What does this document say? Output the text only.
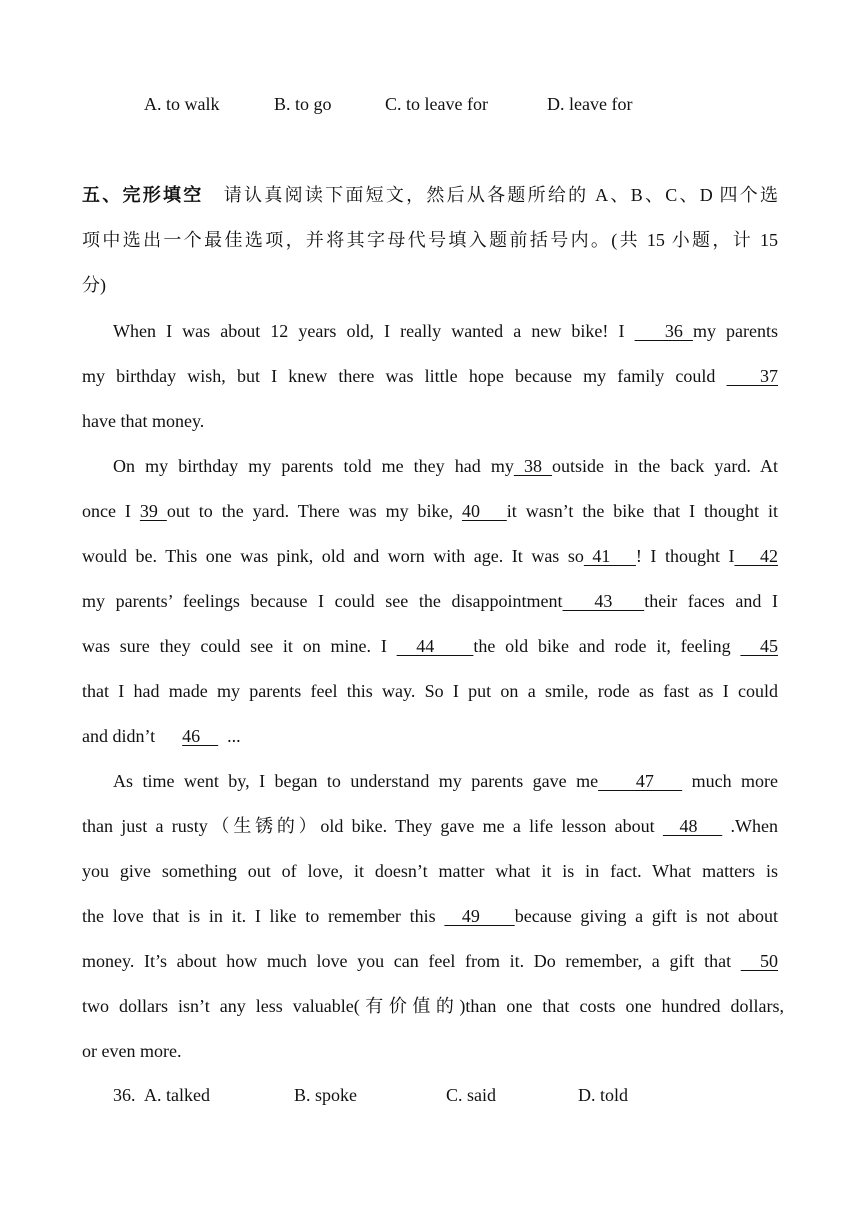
A. to walk	B. to go	C. to leave for	D. leave for
五、完形填空 请认真阅读下面短文，然后从各题所给的 A、B、C、D 四个选
项中选出一个最佳选项，并将其字母代号填入题前括号内。(共 15 小题，计 15
分)
When I was about 12 years old, I really wanted a new bike! I    36 my parents
my birthday wish, but I knew there was little hope because my family could    37
have that money.
On my birthday my parents told me they had my 38 outside in the back yard. At
once I 39 out to the yard. There was my bike, 40   it wasn’t the bike that I thought it
would be. This one was pink, old and worn with age. It was so 41   ! I thought I   42
my parents’ feelings because I could see the disappointment   43   their faces and I
was sure they could see it on mine. I   44    the old bike and rode it, feeling   45
that I had made my parents feel this way. So I put on a smile, rode as fast as I could
and didn’t      46      ...
As time went by, I began to understand my parents gave me    47    much more
than just a rusty（生锈的）old bike. They gave me a life lesson about   48    .When
you give something out of love, it doesn’t matter what it is in fact. What matters is
the love that is in it. I like to remember this   49    because giving a gift is not about
money. It’s about how much love you can feel from it. Do remember, a gift that   50
two dollars isn’t any less valuable(有价值的)than one that costs one hundred dollars,
or even more.
36. A. talked	B. spoke	C. said	D. told
